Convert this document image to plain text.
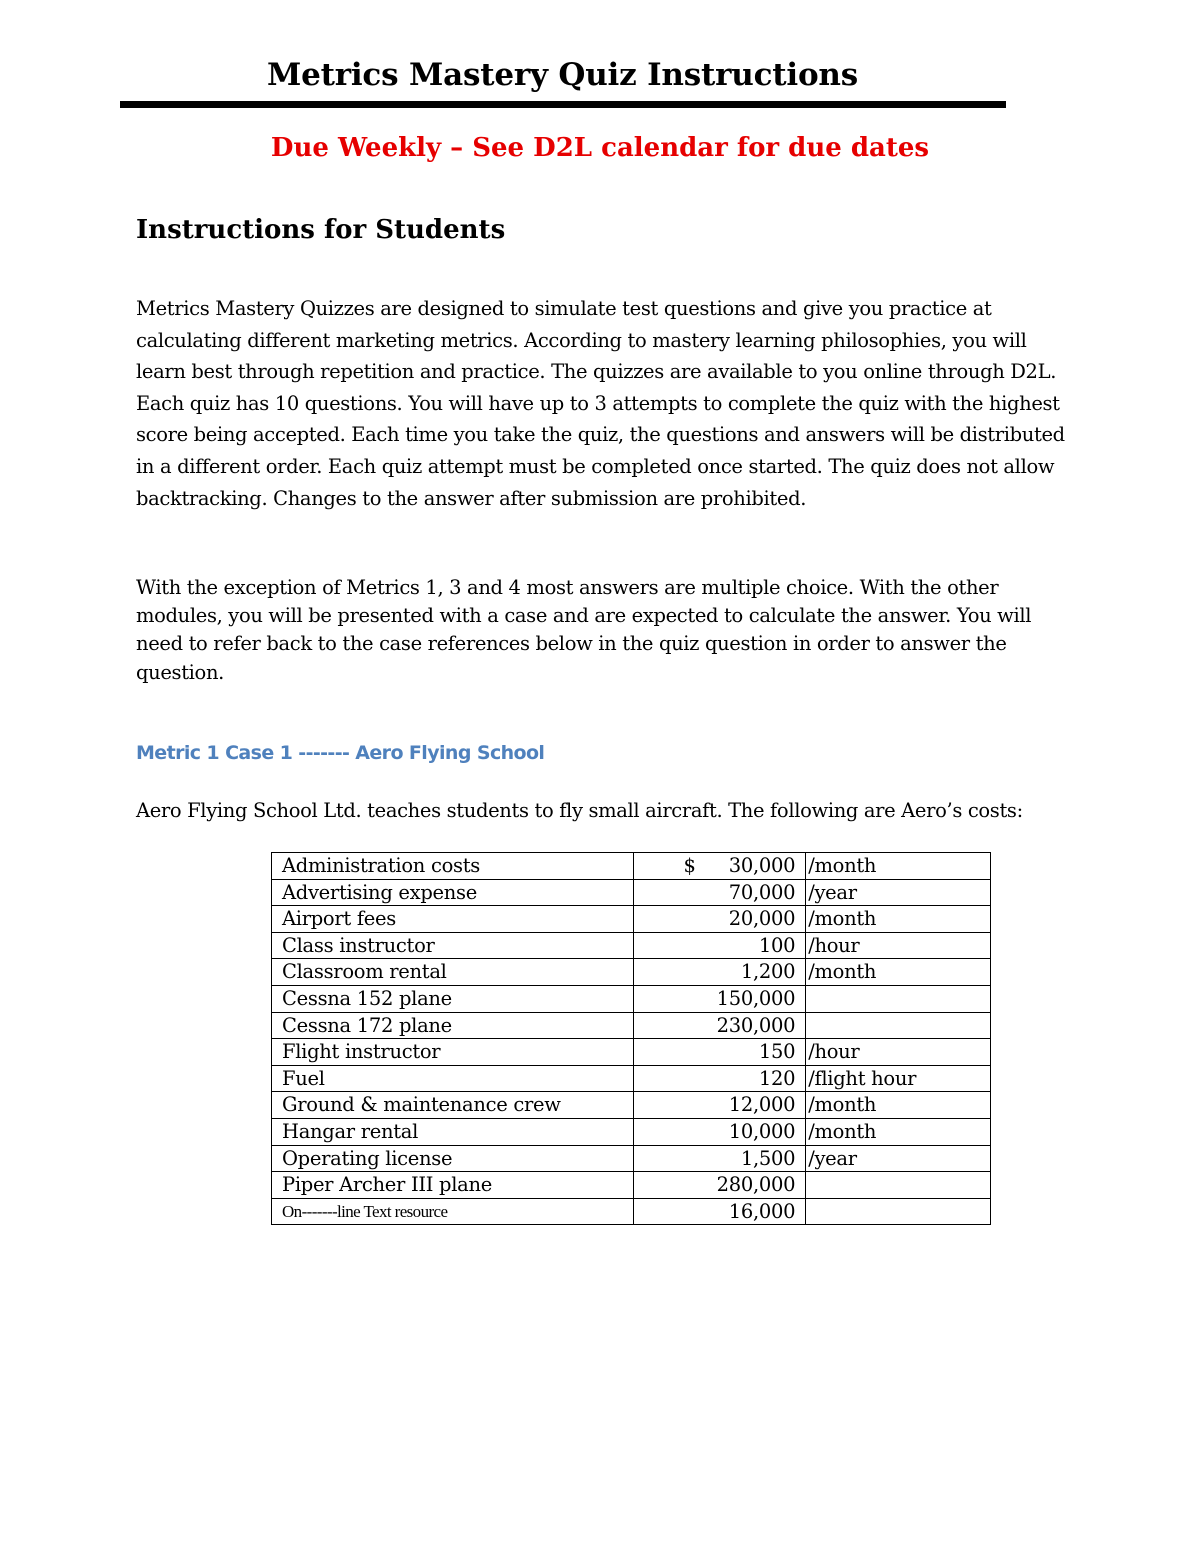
Metrics Mastery Quiz Instructions
Due Weekly – See D2L calendar for due dates
Instructions for Students

Metrics Mastery Quizzes are designed to simulate test questions and give you practice at calculating different marketing metrics. According to mastery learning philosophies, you will learn best through repetition and practice. The quizzes are available to you online through D2L. Each quiz has 10 questions. You will have up to 3 attempts to complete the quiz with the highest score being accepted. Each time you take the quiz, the questions and answers will be distributed in a different order. Each quiz attempt must be completed once started. The quiz does not allow backtracking. Changes to the answer after submission are prohibited.

With the exception of Metrics 1, 3 and 4 most answers are multiple choice. With the other modules, you will be presented with a case and are expected to calculate the answer. You will need to refer back to the case references below in the quiz question in order to answer the question.

Metric 1 Case 1 ------- Aero Flying School
Aero Flying School Ltd. teaches students to fly small aircraft. The following are Aero’s costs:
Administration costs	$ 30,000	/month
Advertising expense	70,000	/year
Airport fees	20,000	/month
Class instructor	100	/hour
Classroom rental	1,200	/month
Cessna 152 plane	150,000	
Cessna 172 plane	230,000	
Flight instructor	150	/hour
Fuel	120	/flight hour
Ground & maintenance crew	12,000	/month
Hangar rental	10,000	/month
Operating license	1,500	/year
Piper Archer III plane	280,000	
On-------line Text resource	16,000	
